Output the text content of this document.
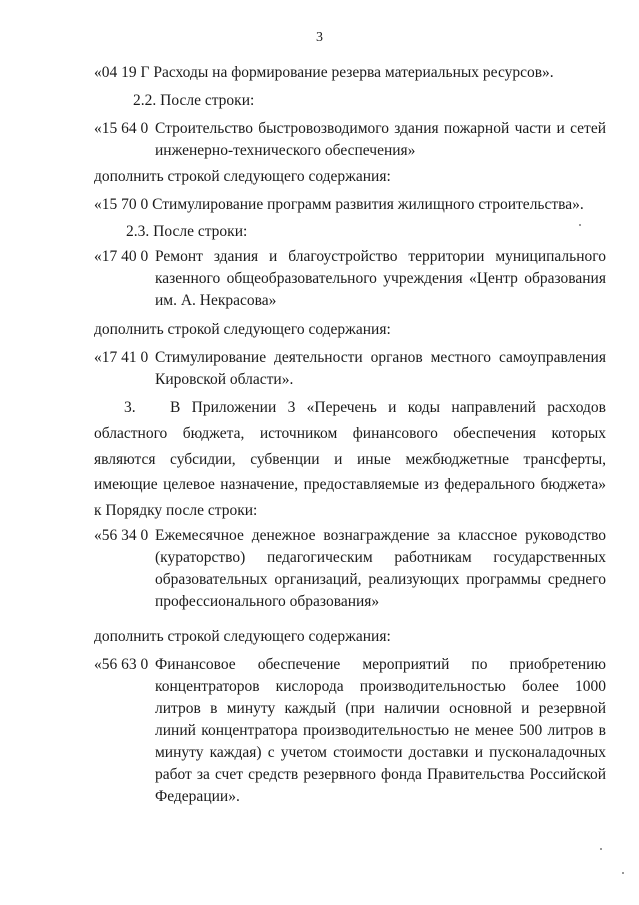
3
«04 19 Г Расходы на формирование резерва материальных ресурсов».
2.2. После строки:
«15 64 0 Строительство быстровозводимого здания пожарной части и сетей инженерно-технического обеспечения»
дополнить строкой следующего содержания:
«15 70 0 Стимулирование программ развития жилищного строительства».
2.3. После строки:
«17 40 0 Ремонт здания и благоустройство территории муниципального казенного общеобразовательного учреждения «Центр образования им. А. Некрасова»
дополнить строкой следующего содержания:
«17 41 0 Стимулирование деятельности органов местного самоуправления Кировской области».
3. В Приложении 3 «Перечень и коды направлений расходов областного бюджета, источником финансового обеспечения которых являются субсидии, субвенции и иные межбюджетные трансферты, имеющие целевое назначение, предоставляемые из федерального бюджета» к Порядку после строки:
«56 34 0 Ежемесячное денежное вознаграждение за классное руководство (кураторство) педагогическим работникам государственных образовательных организаций, реализующих программы среднего профессионального образования»
дополнить строкой следующего содержания:
«56 63 0 Финансовое обеспечение мероприятий по приобретению концентраторов кислорода производительностью более 1000 литров в минуту каждый (при наличии основной и резервной линий концентратора производительностью не менее 500 литров в минуту каждая) с учетом стоимости доставки и пусконаладочных работ за счет средств резервного фонда Правительства Российской Федерации».
